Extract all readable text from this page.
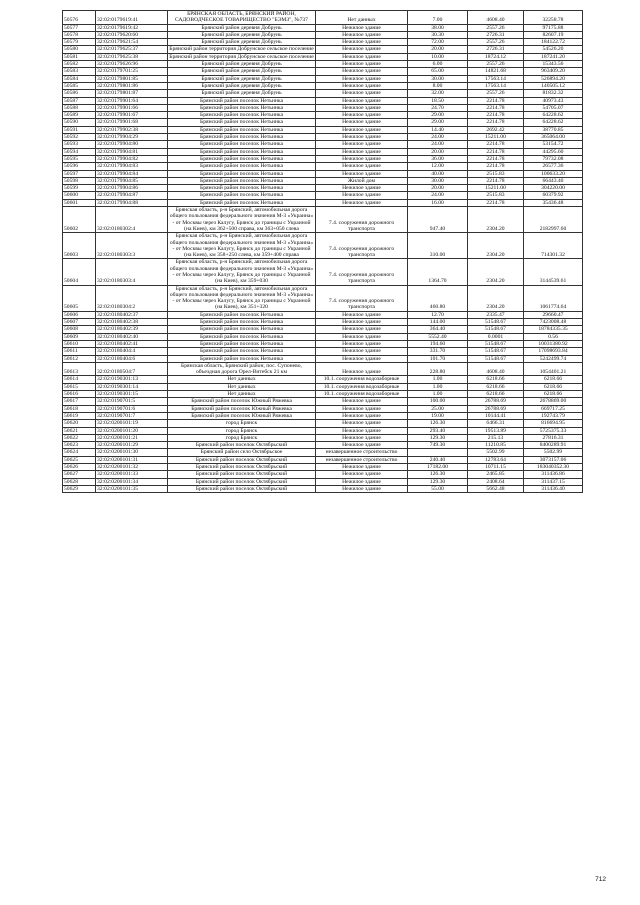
50576	32:02:0179619:41	БРЯНСКАЯ ОБЛАСТЬ, БРЯНСКИЙ РАЙОН, САДОВОДЧЕСКОЕ ТОВАРИЩЕСТВО "БЭМЗ", №737	Нет данных	7.00	4608.40	32258.78
50577	32:02:0179619:42	Брянский район деревня Добрунь	Нежилое здание	38.00	2557.26	97175.88
50578	32:02:0179620:60	Брянский район деревня Добрунь	Нежилое здание	30.30	2726.31	82607.19
50579	32:02:0179621:54	Брянский район деревня Добрунь	Нежилое здание	72.00	2557.26	184122.72
50580	32:02:0179625:37	Брянский район территория Добрунское сельское поселение	Нежилое здание	20.00	2726.31	54526.20
50581	32:02:0179625:38	Брянский район территория Добрунское сельское поселение	Нежилое здание	10.00	18724.12	187241.20
50582	32:02:0179626:96	Брянский район деревня Добрунь	Нежилое здание	6.00	2557.26	15343.56
50583	32:02:0179701:25	Брянский район деревня Добрунь	Нежилое здание	65.00	14821.68	963409.20
50584	32:02:0179801:85	Брянский район деревня Добрунь	Нежилое здание	30.00	17563.14	526894.20
50585	32:02:0179801:86	Брянский район деревня Добрунь	Нежилое здание	8.00	17563.14	140505.12
50586	32:02:0179801:87	Брянский район деревня Добрунь	Нежилое здание	32.00	2557.26	81832.32
50587	32:02:0179901:64	Брянский район поселок Нетьинка	Нежилое здание	18.50	2214.78	40973.43
50588	32:02:0179901:66	Брянский район поселок Нетьинка	Нежилое здание	24.70	2214.78	54705.07
50589	32:02:0179901:67	Брянский район поселок Нетьинка	Нежилое здание	29.00	2214.78	64228.62
50590	32:02:0179901:68	Брянский район поселок Нетьинка	Нежилое здание	29.00	2214.78	64228.62
50591	32:02:0179902:38	Брянский район поселок Нетьинка	Нежилое здание	14.40	2692.42	38770.85
50592	32:02:0179904:29	Брянский район поселок Нетьинка	Нежилое здание	24.00	15211.00	365064.00
50593	32:02:0179904:80	Брянский район поселок Нетьинка	Нежилое здание	24.00	2214.78	53154.72
50594	32:02:0179904:81	Брянский район поселок Нетьинка	Нежилое здание	20.00	2214.78	44295.60
50595	32:02:0179904:82	Брянский район поселок Нетьинка	Нежилое здание	36.00	2214.78	79732.08
50596	32:02:0179904:83	Брянский район поселок Нетьинка	Нежилое здание	12.00	2214.78	26577.36
50597	32:02:0179904:84	Брянский район поселок Нетьинка	Нежилое здание	40.00	2515.83	100633.20
50598	32:02:0179904:85	Брянский район поселок Нетьинка	Жилой дом	30.00	2214.78	66443.40
50599	32:02:0179904:86	Брянский район поселок Нетьинка	Нежилое здание	20.00	15211.00	304220.00
50600	32:02:0179904:87	Брянский район поселок Нетьинка	Нежилое здание	24.00	2515.83	60379.92
50601	32:02:0179904:88	Брянский район поселок Нетьинка	Нежилое здание	16.00	2214.78	35436.48
50602	32:02:0180302:4	Брянская область, р-н Брянский, автомобильная дорога общего пользования федерального значения М-3 «Украина» - от Москвы через Калугу, Брянск до границы с Украиной (на Киев), км 362+500 справа, км 363+050 слева	7.4. сооружения дорожного транспорта	947.40	2304.20	2182997.60
50603	32:02:0180303:3	Брянская область, р-н Брянский, автомобильная дорога общего пользования федерального значения М-3 «Украина» - от Москвы через Калугу, Брянск до границы с Украиной (на Киев), км 358+250 слева, км 359+400 справа	7.4. сооружения дорожного транспорта	310.00	2304.20	714301.32
50604	32:02:0180303:4	Брянская область, р-н Брянский, автомобильная дорога общего пользования федерального значения М-3 «Украина» - от Москвы через Калугу, Брянск до границы с Украиной (на Киев), км 359+030	7.4. сооружения дорожного транспорта	1364.70	2304.20	3144539.61
50605	32:02:0180304:2	Брянская область, р-н Брянский, автомобильная дорога общего пользования федерального значения М-3 «Украина» - от Москвы через Калугу, Брянск до границы с Украиной (на Киев), км 351+320	7.4. сооружения дорожного транспорта	460.80	2304.20	1061774.64
50606	32:02:0180402:37	Брянский район поселок Нетьинка	Нежилое здание	12.70	2335.47	29660.47
50607	32:02:0180402:38	Брянский район поселок Нетьинка	Нежилое здание	144.00	51548.67	7423008.48
50608	32:02:0180402:39	Брянский район поселок Нетьинка	Нежилое здание	364.40	51548.67	18784335.35
50609	32:02:0180402:40	Брянский район поселок Нетьинка	Нежилое здание	5552.40	0.0001	0.56
50610	32:02:0180402:41	Брянский район поселок Нетьинка	Нежилое здание	194.60	51548.67	10031380.92
50611	32:02:0180404:4	Брянский район поселок Нетьинка	Нежилое здание	331.70	51548.67	17098693.84
50612	32:02:0180404:6	Брянский район поселок Нетьинка	Нежилое здание	101.70	51548.67	5242499.74
50613	32:02:0180504:7	Брянская область, Брянский район, пос. Супонево, объездная дорога Орел-Витебск 21 км	Нежилое здание	228.80	4608.40	1054401.21
50614	32:02:0190301:13	Нет данных	10.1. сооружения водозаборные	1.00	6218.66	6218.66
50615	32:02:0190301:14	Нет данных	10.1. сооружения водозаборные	1.00	6218.66	6218.66
50616	32:02:0190301:15	Нет данных	10.1. сооружения водозаборные	1.00	6218.66	6218.66
50617	32:02:0190701:5	Брянский район поселок Южный Ряжевка	Нежилое здание	100.00	26788.69	2678869.00
50618	32:02:0190701:6	Брянский район поселок Южный Ряжевка	Нежилое здание	25.00	26788.69	669717.25
50619	32:02:0190701:7	Брянский район поселок Южный Ряжевка	Нежилое здание	19.00	10144.41	192743.79
50620	32:02:0200101:19	город Брянск	Нежилое здание	126.30	6466.31	816694.95
50621	32:02:0200101:20	город Брянск	Нежилое здание	293.40	19513.89	5725375.33
50622	32:02:0200101:21	город Брянск	Нежилое здание	129.30	215.13	27816.31
50623	32:02:0200101:29	Брянский район поселок Октябрьский	Нежилое здание	749.30	11210.85	8400289.91
50624	32:02:0200101:30	Брянский район село Октябрьское	незавершенное строительство		5502.99	5502.99
50625	32:02:0200101:31	Брянский район поселок Октябрьский	незавершенное строительство	240.40	12783.64	3073157.06
50626	32:02:0200101:32	Брянский район поселок Октябрьский	Нежилое здание	17182.00	10711.15	183040352.30
50627	32:02:0200101:33	Брянский район поселок Октябрьский	Нежилое здание	126.30	2465.85	311436.86
50628	32:02:0200101:34	Брянский район поселок Октябрьский	Нежилое здание	129.30	2408.64	311437.15
50629	32:02:0200101:35	Брянский район поселок Октябрьский	Нежилое здание	55.00	5662.48	311436.40
712
